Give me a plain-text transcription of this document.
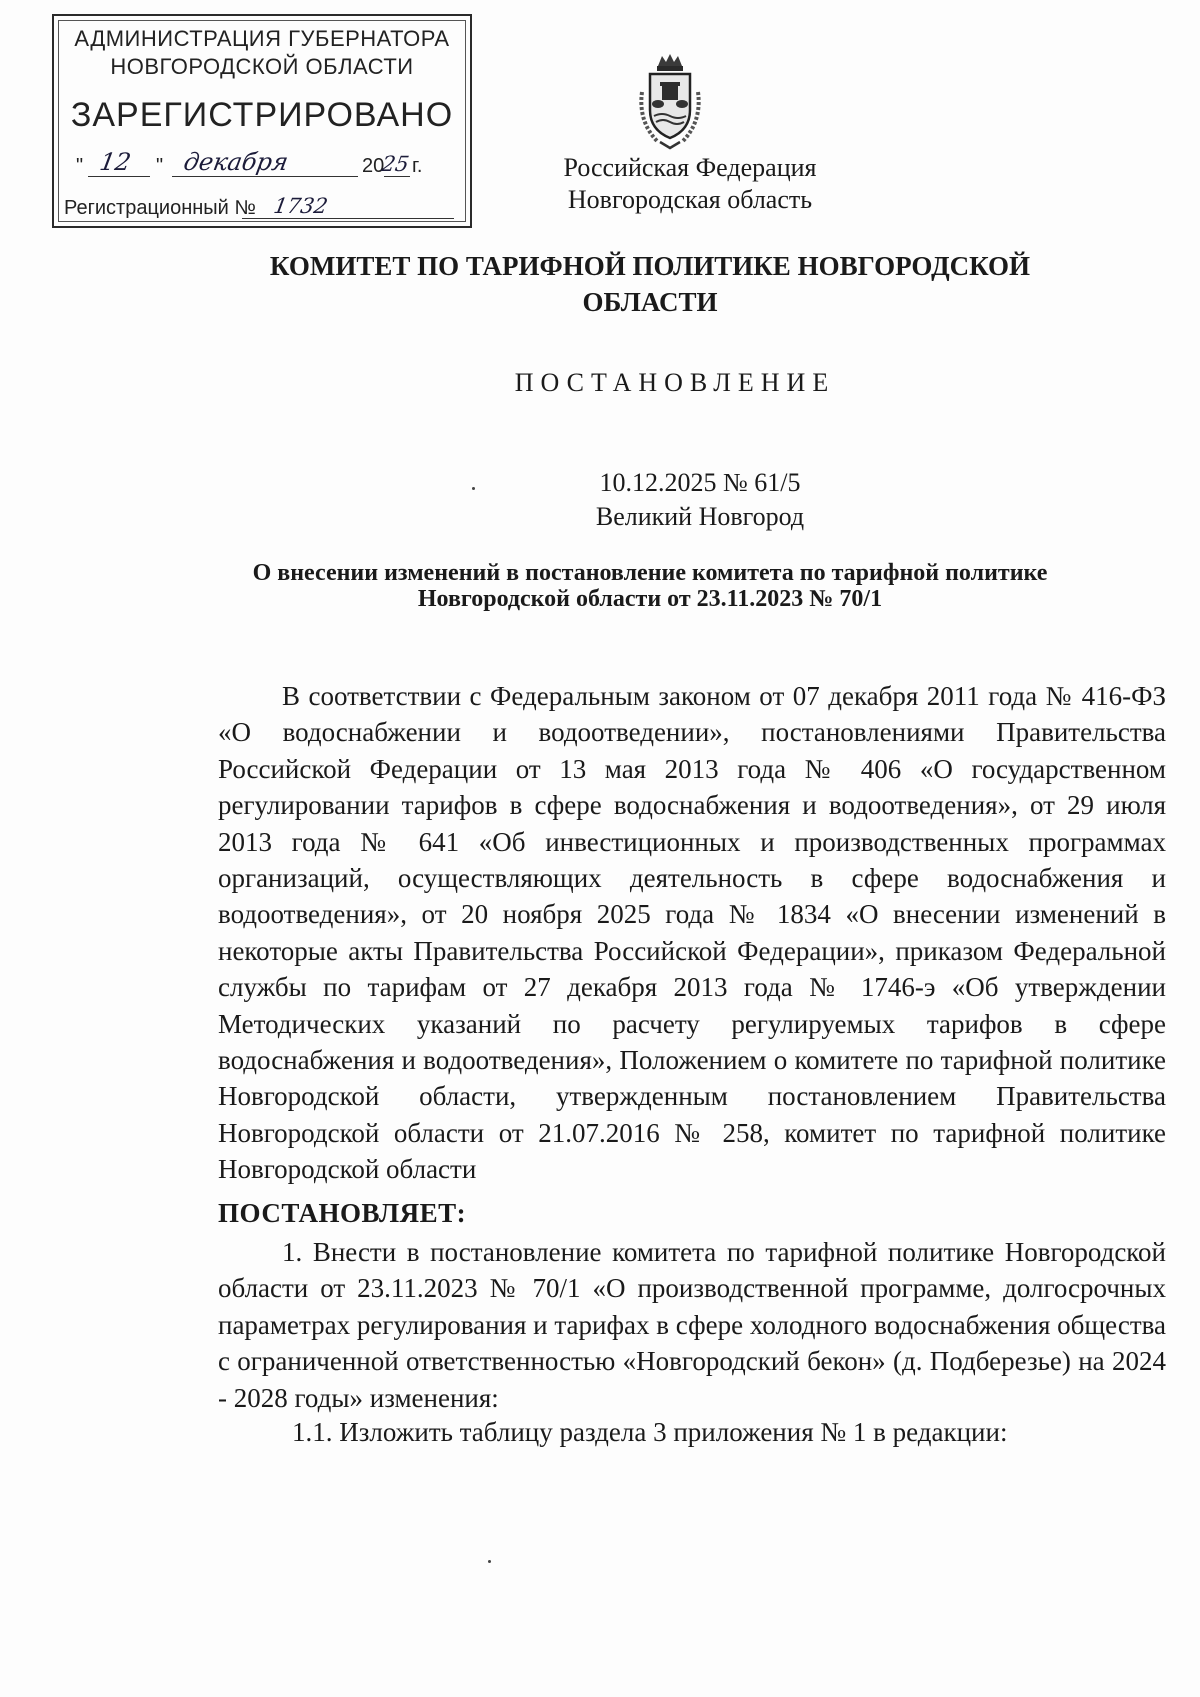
АДМИНИСТРАЦИЯ ГУБЕРНАТОРА
НОВГОРОДСКОЙ ОБЛАСТИ
ЗАРЕГИСТРИРОВАНО
" 12 " декабря	20
25 г.
Регистрационный № 1732
Российская Федерация
Новгородская область
КОМИТЕТ ПО ТАРИФНОЙ ПОЛИТИКЕ НОВГОРОДСКОЙ ОБЛАСТИ
ПОСТАНОВЛЕНИЕ
10.12.2025 № 61/5
Великий Новгород
О внесении изменений в постановление комитета по тарифной политике Новгородской области от 23.11.2023 № 70/1
В соответствии с Федеральным законом от 07 декабря 2011 года № 416-ФЗ «О водоснабжении и водоотведении», постановлениями Правительства Российской Федерации от 13 мая 2013 года № 406 «О государственном регулировании тарифов в сфере водоснабжения и водоотведения», от 29 июля 2013 года № 641 «Об инвестиционных и производственных программах организаций, осуществляющих деятельность в сфере водоснабжения и водоотведения», от 20 ноября 2025 года № 1834 «О внесении изменений в некоторые акты Правительства Российской Федерации», приказом Федеральной службы по тарифам от 27 декабря 2013 года № 1746-э «Об утверждении Методических указаний по расчету регулируемых тарифов в сфере водоснабжения и водоотведения», Положением о комитете по тарифной политике Новгородской области, утвержденным постановлением Правительства Новгородской области от 21.07.2016 № 258, комитет по тарифной политике Новгородской области
ПОСТАНОВЛЯЕТ:
1. Внести в постановление комитета по тарифной политике Новгородской области от 23.11.2023 № 70/1 «О производственной программе, долгосрочных параметрах регулирования и тарифах в сфере холодного водоснабжения общества с ограниченной ответственностью «Новгородский бекон» (д. Подберезье) на 2024 - 2028 годы» изменения:
1.1. Изложить таблицу раздела 3 приложения № 1 в редакции:
